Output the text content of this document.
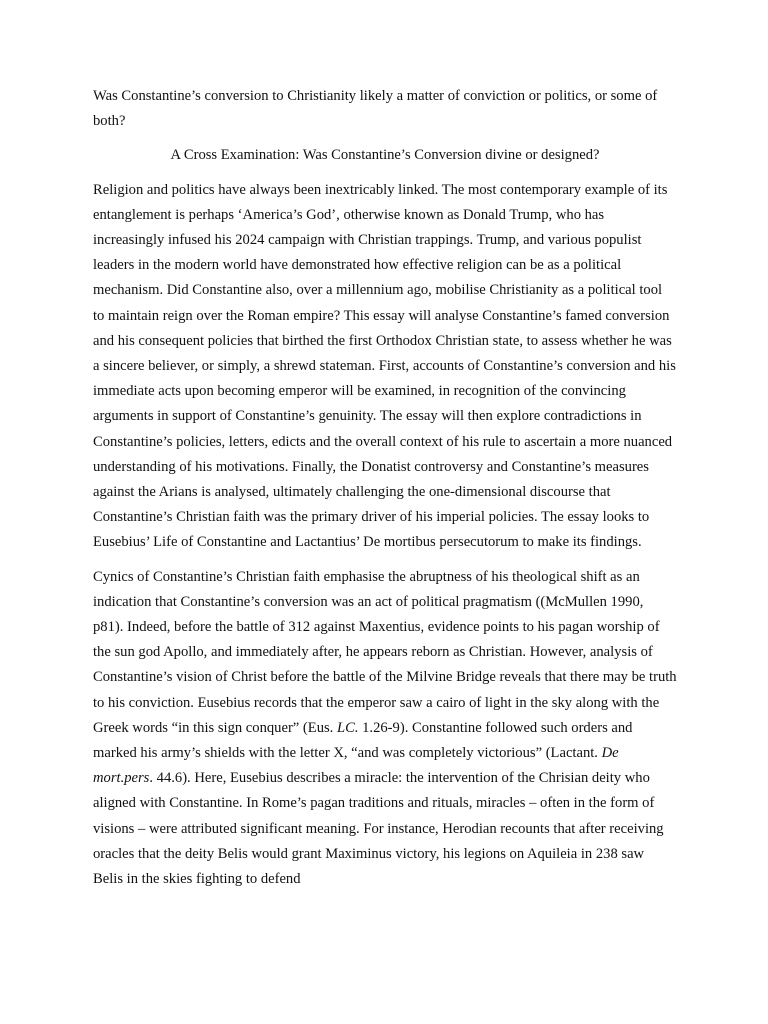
Was Constantine’s conversion to Christianity likely a matter of conviction or politics, or some of both?

A Cross Examination: Was Constantine’s Conversion divine or designed?

Religion and politics have always been inextricably linked. The most contemporary example of its entanglement is perhaps ‘America’s God’, otherwise known as Donald Trump, who has increasingly infused his 2024 campaign with Christian trappings. Trump, and various populist leaders in the modern world have demonstrated how effective religion can be as a political mechanism. Did Constantine also, over a millennium ago, mobilise Christianity as a political tool to maintain reign over the Roman empire? This essay will analyse Constantine’s famed conversion and his consequent policies that birthed the first Orthodox Christian state, to assess whether he was a sincere believer, or simply, a shrewd stateman. First, accounts of Constantine’s conversion and his immediate acts upon becoming emperor will be examined, in recognition of the convincing arguments in support of Constantine’s genuinity. The essay will then explore contradictions in Constantine’s policies, letters, edicts and the overall context of his rule to ascertain a more nuanced understanding of his motivations. Finally, the Donatist controversy and Constantine’s measures against the Arians is analysed, ultimately challenging the one-dimensional discourse that Constantine’s Christian faith was the primary driver of his imperial policies. The essay looks to Eusebius’ Life of Constantine and Lactantius’ De mortibus persecutorum to make its findings.

Cynics of Constantine’s Christian faith emphasise the abruptness of his theological shift as an indication that Constantine’s conversion was an act of political pragmatism ((McMullen 1990, p81). Indeed, before the battle of 312 against Maxentius, evidence points to his pagan worship of the sun god Apollo, and immediately after, he appears reborn as Christian. However, analysis of Constantine’s vision of Christ before the battle of the Milvine Bridge reveals that there may be truth to his conviction. Eusebius records that the emperor saw a cairo of light in the sky along with the Greek words “in this sign conquer” (Eus. LC. 1.26-9). Constantine followed such orders and marked his army’s shields with the letter X, “and was completely victorious” (Lactant. De mort.pers. 44.6). Here, Eusebius describes a miracle: the intervention of the Chrisian deity who aligned with Constantine. In Rome’s pagan traditions and rituals, miracles – often in the form of visions – were attributed significant meaning. For instance, Herodian recounts that after receiving oracles that the deity Belis would grant Maximinus victory, his legions on Aquileia in 238 saw Belis in the skies fighting to defend
